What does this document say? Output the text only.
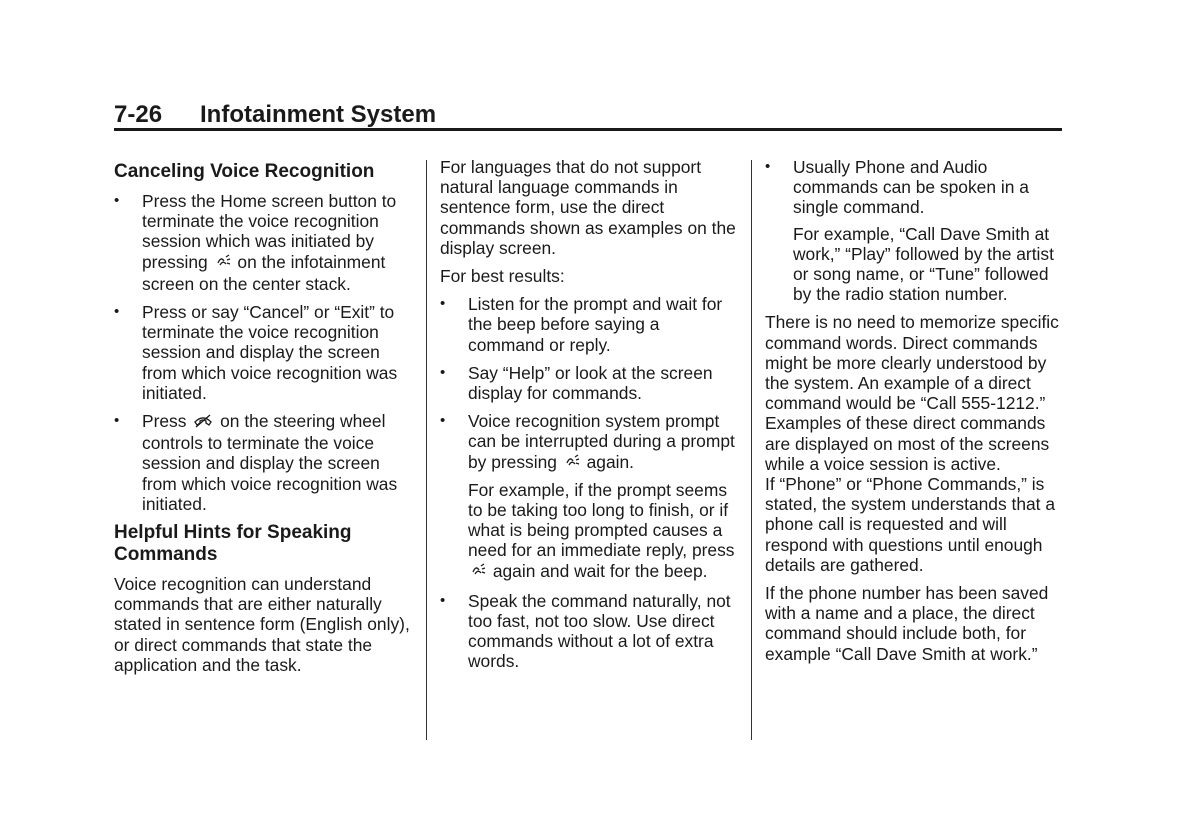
7-26 Infotainment System
Canceling Voice Recognition
• Press the Home screen button to terminate the voice recognition session which was initiated by pressing on the infotainment screen on the center stack.
• Press or say “Cancel” or “Exit” to terminate the voice recognition session and display the screen from which voice recognition was initiated.
• Press on the steering wheel controls to terminate the voice session and display the screen from which voice recognition was initiated.
Helpful Hints for Speaking Commands

Voice recognition can understand commands that are either naturally stated in sentence form (English only), or direct commands that state the application and the task.

For languages that do not support natural language commands in sentence form, use the direct commands shown as examples on the display screen.

For best results:

• Listen for the prompt and wait for the beep before saying a command or reply.
• Say “Help” or look at the screen display for commands.
• Voice recognition system prompt can be interrupted during a prompt by pressing again.
For example, if the prompt seems to be taking too long to finish, or if what is being prompted causes a need for an immediate reply, press  again and wait for the beep.
• Speak the command naturally, not too fast, not too slow. Use direct commands without a lot of extra words.
• Usually Phone and Audio commands can be spoken in a single command.
For example, “Call Dave Smith at work,” “Play” followed by the artist or song name, or “Tune” followed by the radio station number.

There is no need to memorize specific command words. Direct commands might be more clearly understood by the system. An example of a direct command would be “Call 555-1212.” Examples of these direct commands are displayed on most of the screens while a voice session is active.

If “Phone” or “Phone Commands,” is stated, the system understands that a phone call is requested and will respond with questions until enough details are gathered.

If the phone number has been saved with a name and a place, the direct command should include both, for example “Call Dave Smith at work.”
